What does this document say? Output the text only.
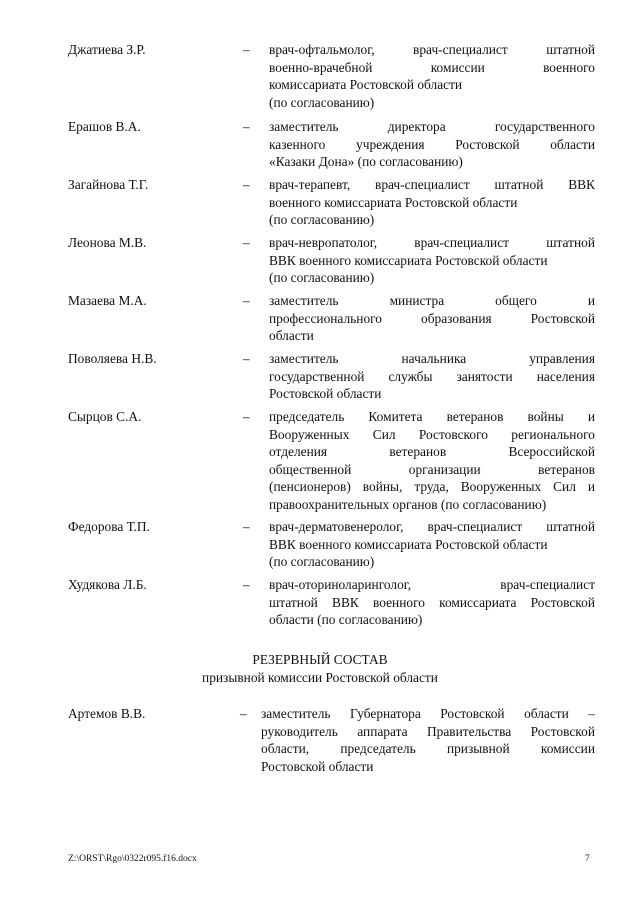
Джатиева З.Р.	– врач-офтальмолог, врач-специалист штатной
военно-врачебной комиссии военного
комиссариата Ростовской области
(по согласованию)
Ерашов В.А.	– заместитель директора государственного
казенного учреждения Ростовской области
«Казаки Дона» (по согласованию)
Загайнова Т.Г.	– врач-терапевт, врач-специалист штатной ВВК
военного комиссариата Ростовской области
(по согласованию)
Леонова М.В.	– врач-невропатолог, врач-специалист штатной
ВВК военного комиссариата Ростовской области
(по согласованию)
Мазаева М.А.	– заместитель министра общего и
профессионального образования Ростовской
области
Поволяева Н.В.	– заместитель начальника управления
государственной службы занятости населения
Ростовской области
Сырцов С.А.	– председатель Комитета ветеранов войны и
Вооруженных Сил Ростовского регионального
отделения ветеранов Всероссийской
общественной организации ветеранов
(пенсионеров) войны, труда, Вооруженных Сил и
правоохранительных органов (по согласованию)
Федорова Т.П.	– врач-дерматовенеролог, врач-специалист штатной
ВВК военного комиссариата Ростовской области
(по согласованию)
Худякова Л.Б.	– врач-оториноларинголог, врач-специалист
штатной ВВК военного комиссариата Ростовской
области (по согласованию)
РЕЗЕРВНЫЙ СОСТАВ
призывной комиссии Ростовской области
Артемов В.В.	– заместитель Губернатора Ростовской области –
руководитель аппарата Правительства Ростовской
области, председатель призывной комиссии
Ростовской области
Z:\ORST\Rgo\0322r095.f16.docx	7
